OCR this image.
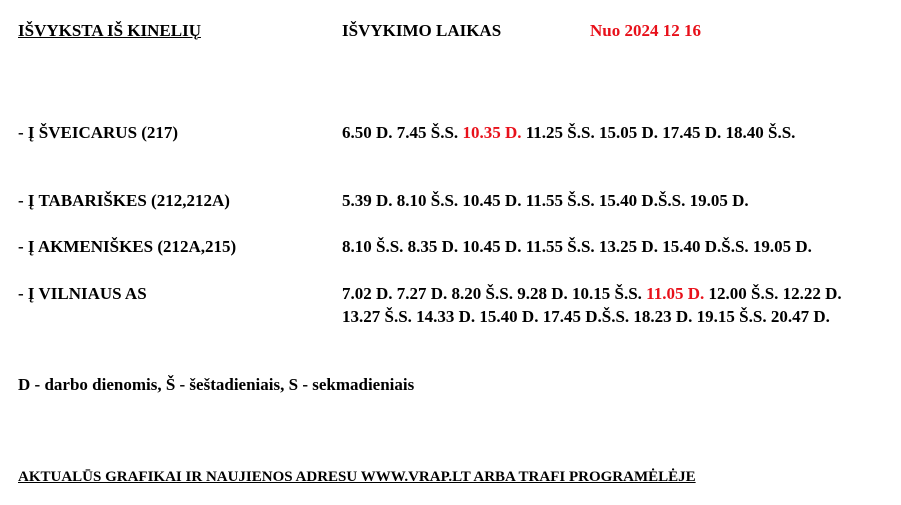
IŠVYKSTA IŠ KINELIŲ	IŠVYKIMO LAIKAS	Nuo 2024 12 16
- Į ŠVEICARUS (217)	6.50 D. 7.45 Š.S. 10.35 D. 11.25 Š.S. 15.05 D. 17.45 D. 18.40 Š.S.
- Į TABARIŠKES (212,212A)	5.39 D. 8.10 Š.S. 10.45 D. 11.55 Š.S. 15.40 D.Š.S. 19.05 D.
- Į AKMENIŠKES (212A,215)	8.10 Š.S. 8.35 D. 10.45 D. 11.55 Š.S. 13.25 D. 15.40 D.Š.S. 19.05 D.
- Į VILNIAUS AS	7.02 D. 7.27 D. 8.20 Š.S. 9.28 D. 10.15 Š.S. 11.05 D. 12.00 Š.S. 12.22 D.
13.27 Š.S. 14.33 D. 15.40 D. 17.45 D.Š.S. 18.23 D. 19.15 Š.S. 20.47 D.
D - darbo dienomis, Š - šeštadieniais, S - sekmadieniais
AKTUALŪS GRAFIKAI IR NAUJIENOS ADRESU WWW.VRAP.LT ARBA TRAFI PROGRAMĖLĖJE
